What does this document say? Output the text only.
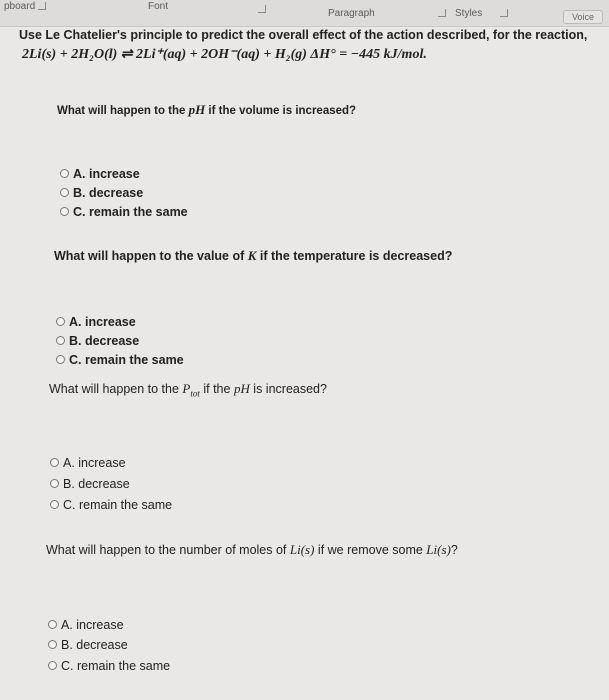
pboard	Font
Paragraph	Styles	Voice
Use Le Chatelier's principle to predict the overall effect of the action described, for the reaction,
2Li(s) + 2H₂O(l) ⇌ 2Li⁺(aq) + 2OH⁻(aq) + H₂(g) ΔH° = −445 kJ/mol.
What will happen to the pH if the volume is increased?
A. increase
B. decrease
C. remain the same
What will happen to the value of K if the temperature is decreased?
A. increase
B. decrease
C. remain the same
What will happen to the $P_{tot}$ if the pH is increased?
A. increase
B. decrease
C. remain the same
What will happen to the number of moles of Li(s) if we remove some Li(s)?
A. increase
B. decrease
C. remain the same
